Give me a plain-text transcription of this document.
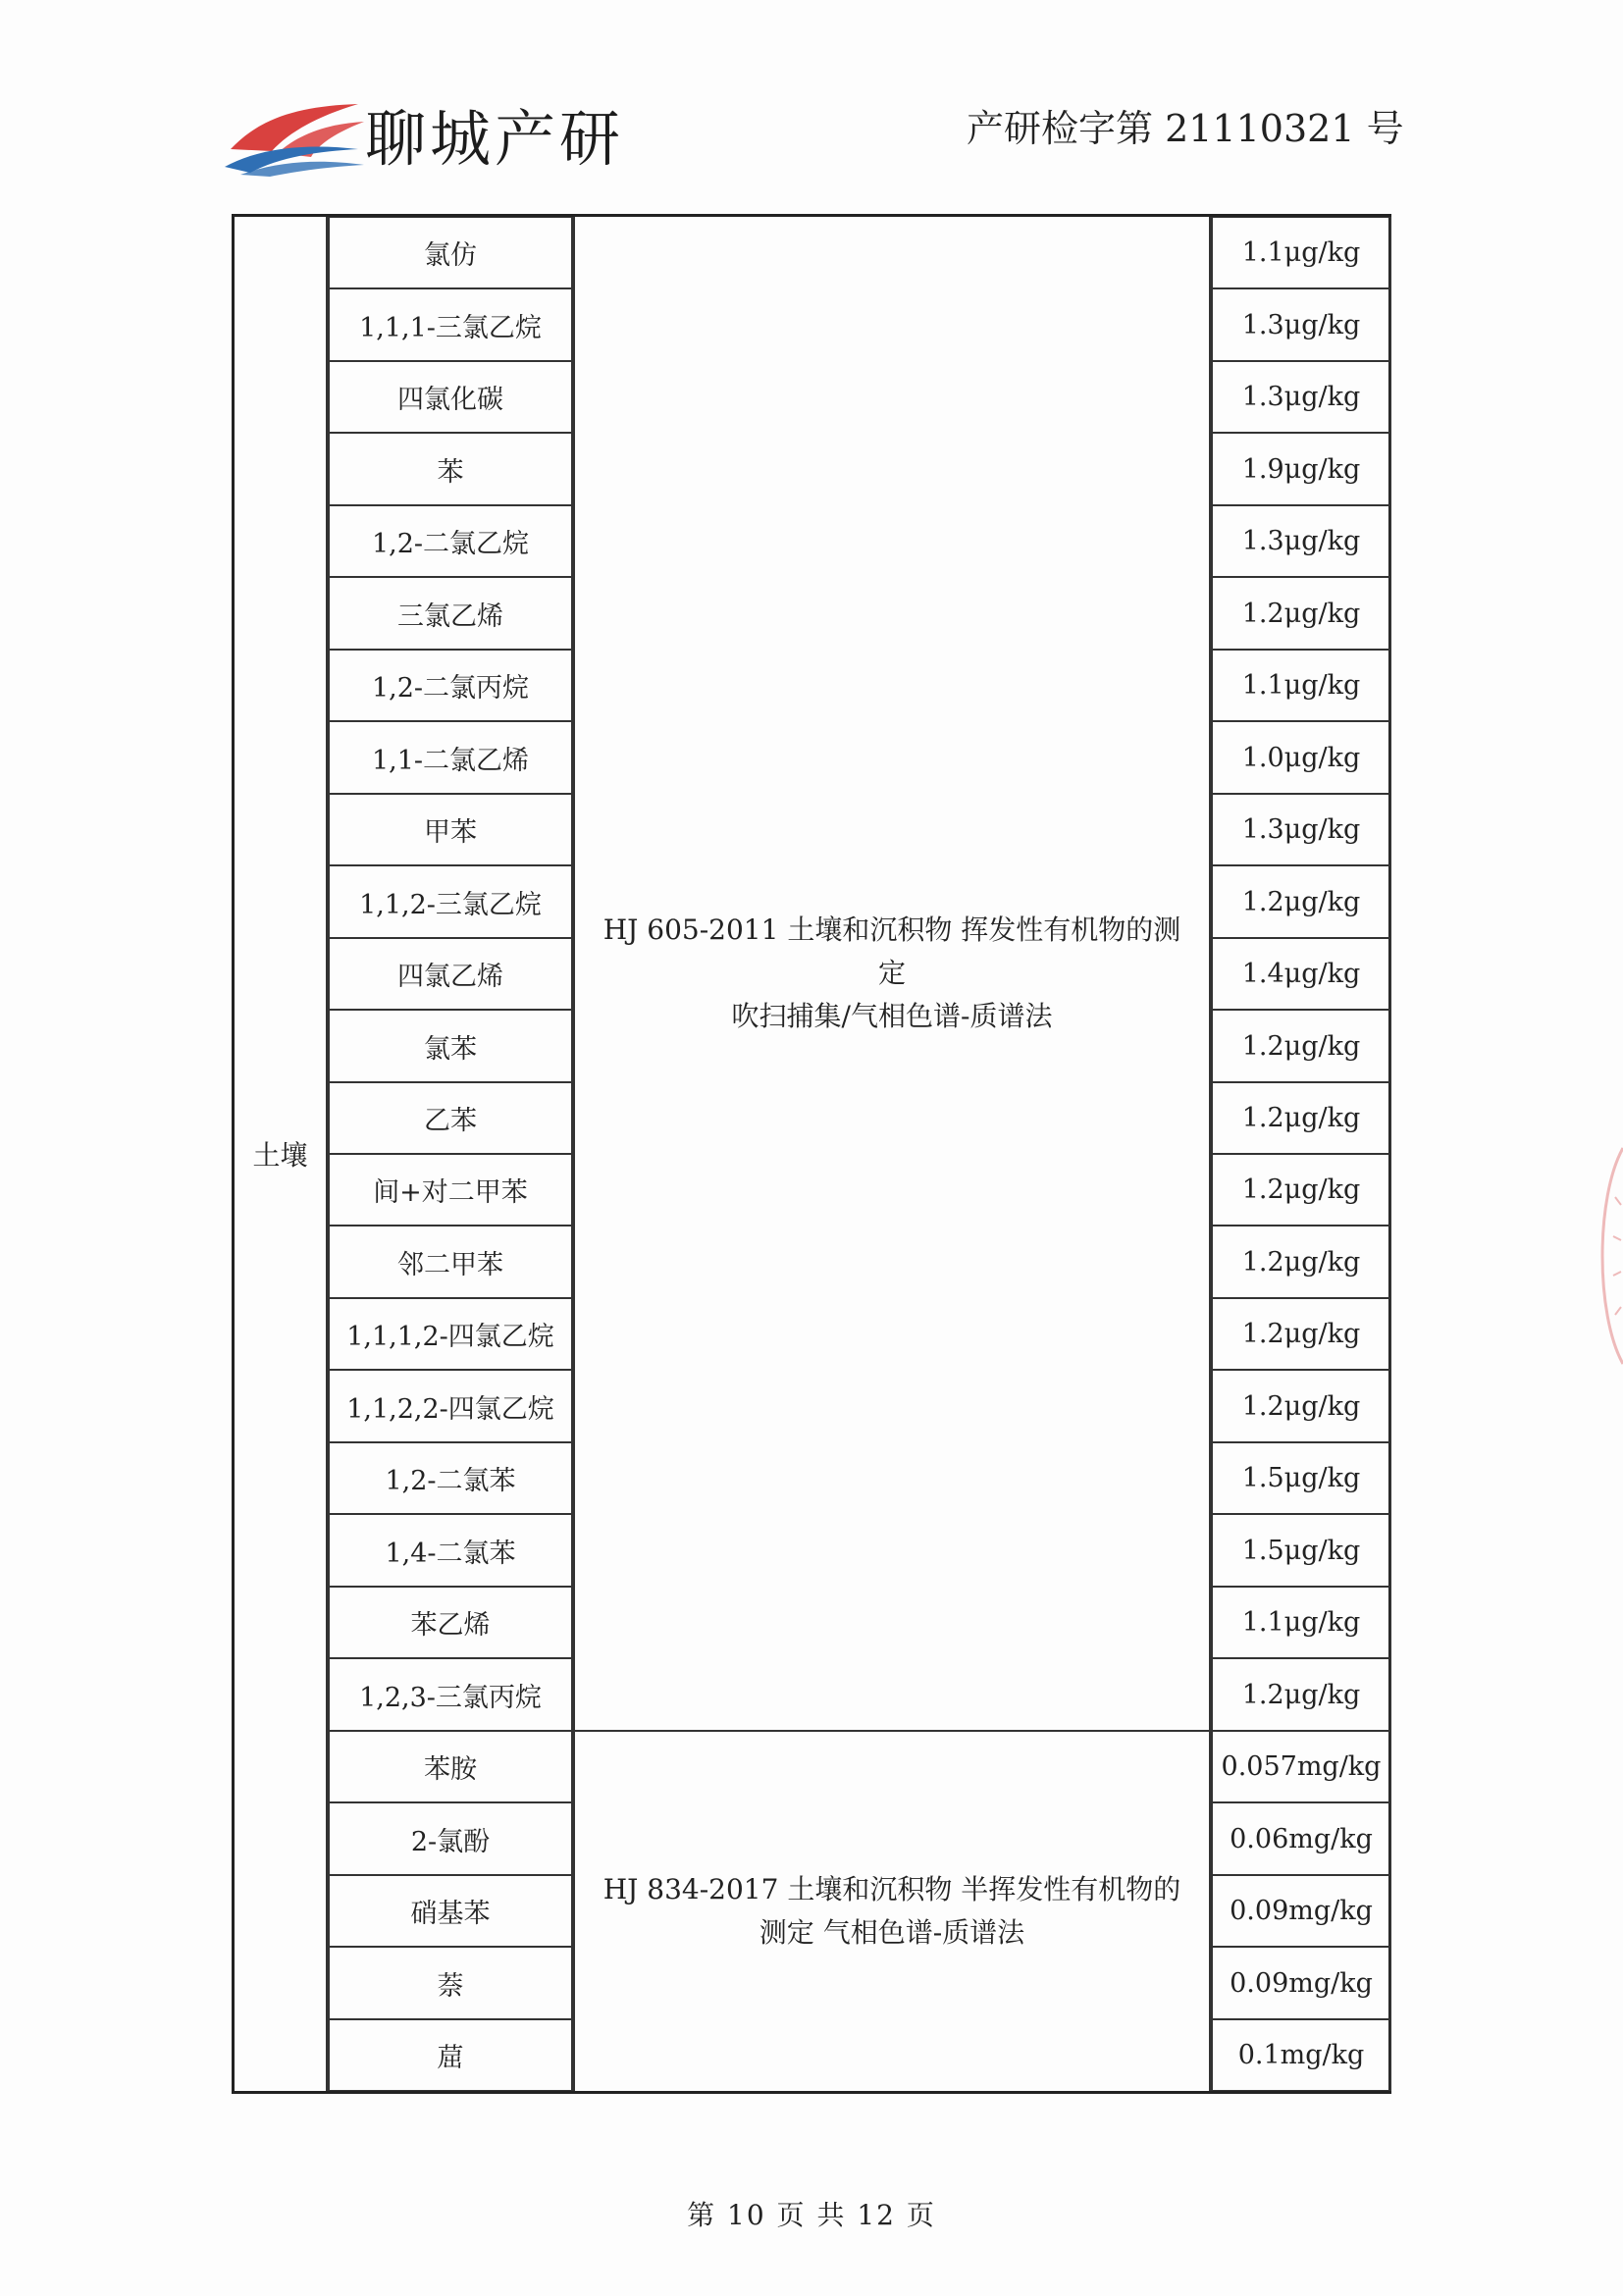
聊城产研	产研检字第 21110321 号
土壤
氯仿
1,1,1-三氯乙烷
四氯化碳
苯
1,2-二氯乙烷
三氯乙烯
1,2-二氯丙烷
1,1-二氯乙烯
甲苯
1,1,2-三氯乙烷
四氯乙烯
氯苯
乙苯
间+对二甲苯
邻二甲苯
1,1,1,2-四氯乙烷
1,1,2,2-四氯乙烷
1,2-二氯苯
1,4-二氯苯
苯乙烯
1,2,3-三氯丙烷
苯胺
2-氯酚
硝基苯
萘
䓛
HJ 605-2011 土壤和沉积物 挥发性有机物的测定
吹扫捕集/气相色谱-质谱法
HJ 834-2017 土壤和沉积物 半挥发性有机物的
测定 气相色谱-质谱法
1.1μg/kg
1.3μg/kg
1.3μg/kg
1.9μg/kg
1.3μg/kg
1.2μg/kg
1.1μg/kg
1.0μg/kg
1.3μg/kg
1.2μg/kg
1.4μg/kg
1.2μg/kg
1.2μg/kg
1.2μg/kg
1.2μg/kg
1.2μg/kg
1.2μg/kg
1.5μg/kg
1.5μg/kg
1.1μg/kg
1.2μg/kg
0.057mg/kg
0.06mg/kg
0.09mg/kg
0.09mg/kg
0.1mg/kg
第 10 页 共 12 页
